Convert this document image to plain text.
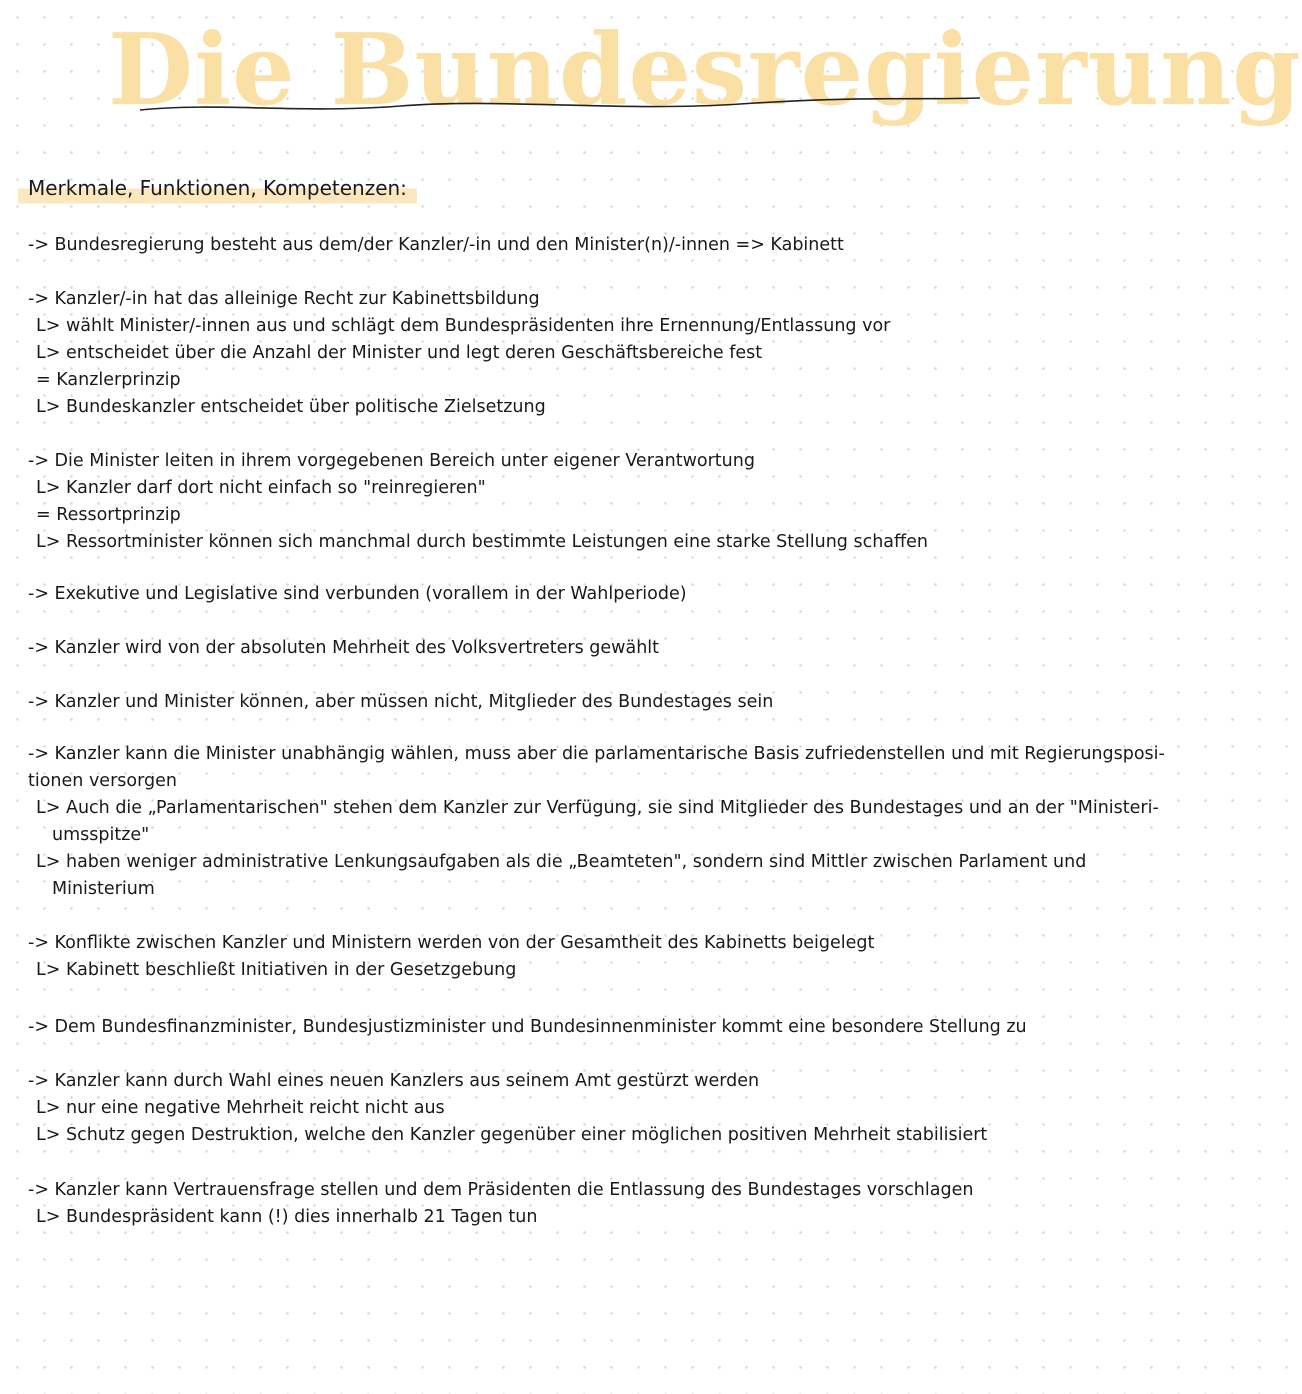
Die Bundesregierung
Merkmale, Funktionen, Kompetenzen:
-> Bundesregierung besteht aus dem/der Kanzler/-in und den Minister(n)/-innen => Kabinett
-> Kanzler/-in hat das alleinige Recht zur Kabinettsbildung
L> wählt Minister/-innen aus und schlägt dem Bundespräsidenten ihre Ernennung/Entlassung vor
L> entscheidet über die Anzahl der Minister und legt deren Geschäftsbereiche fest
= Kanzlerprinzip
L> Bundeskanzler entscheidet über politische Zielsetzung
-> Die Minister leiten in ihrem vorgegebenen Bereich unter eigener Verantwortung
L> Kanzler darf dort nicht einfach so "reinregieren"
= Ressortprinzip
L> Ressortminister können sich manchmal durch bestimmte Leistungen eine starke Stellung schaffen
-> Exekutive und Legislative sind verbunden (vorallem in der Wahlperiode)
-> Kanzler wird von der absoluten Mehrheit des Volksvertreters gewählt
-> Kanzler und Minister können, aber müssen nicht, Mitglieder des Bundestages sein
-> Kanzler kann die Minister unabhängig wählen, muss aber die parlamentarische Basis zufriedenstellen und mit Regierungsposi-
tionen versorgen
L> Auch die „Parlamentarischen" stehen dem Kanzler zur Verfügung, sie sind Mitglieder des Bundestages und an der "Ministeri-
umsspitze"
L> haben weniger administrative Lenkungsaufgaben als die „Beamteten", sondern sind Mittler zwischen Parlament und
Ministerium
-> Konflikte zwischen Kanzler und Ministern werden von der Gesamtheit des Kabinetts beigelegt
L> Kabinett beschließt Initiativen in der Gesetzgebung
-> Dem Bundesfinanzminister, Bundesjustizminister und Bundesinnenminister kommt eine besondere Stellung zu
-> Kanzler kann durch Wahl eines neuen Kanzlers aus seinem Amt gestürzt werden
L> nur eine negative Mehrheit reicht nicht aus
L> Schutz gegen Destruktion, welche den Kanzler gegenüber einer möglichen positiven Mehrheit stabilisiert
-> Kanzler kann Vertrauensfrage stellen und dem Präsidenten die Entlassung des Bundestages vorschlagen
L> Bundespräsident kann (!) dies innerhalb 21 Tagen tun
